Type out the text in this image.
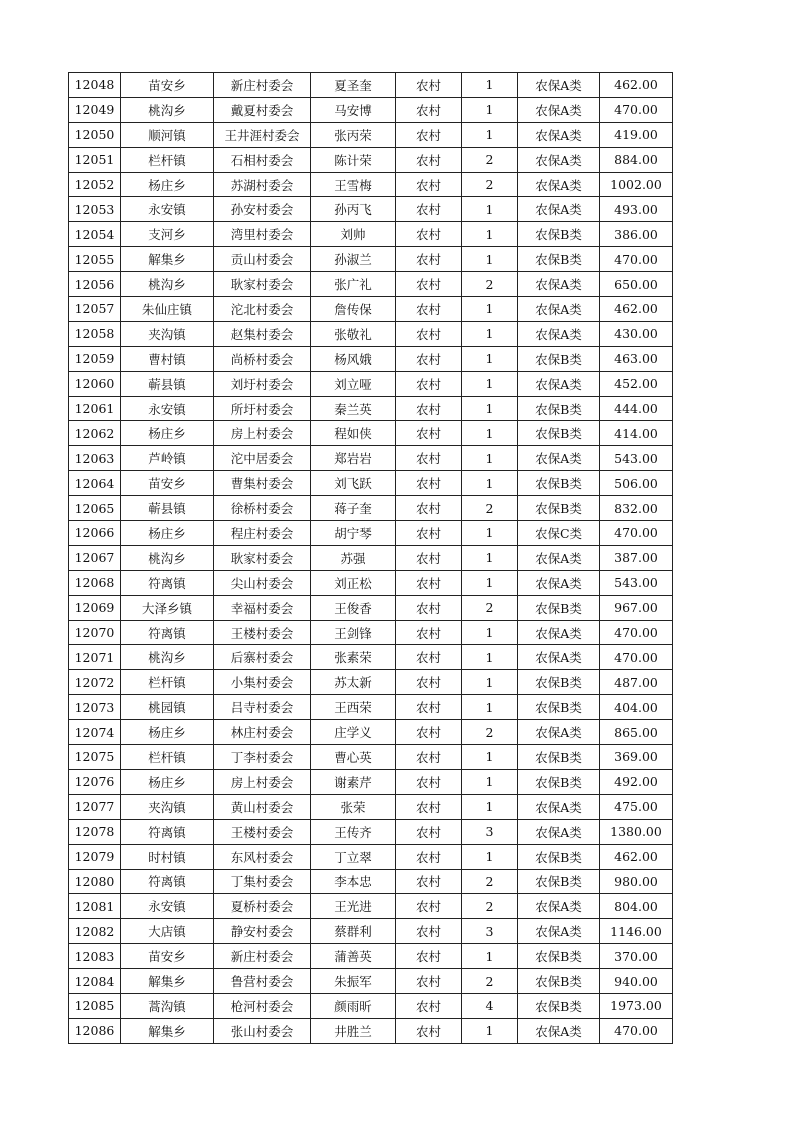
12048	苗安乡	新庄村委会	夏圣奎	农村	1	农保A类	462.00
12049	桃沟乡	戴夏村委会	马安博	农村	1	农保A类	470.00
12050	顺河镇	王井涯村委会	张丙荣	农村	1	农保A类	419.00
12051	栏杆镇	石相村委会	陈计荣	农村	2	农保A类	884.00
12052	杨庄乡	苏湖村委会	王雪梅	农村	2	农保A类	1002.00
12053	永安镇	孙安村委会	孙丙飞	农村	1	农保A类	493.00
12054	支河乡	湾里村委会	刘帅	农村	1	农保B类	386.00
12055	解集乡	贡山村委会	孙淑兰	农村	1	农保B类	470.00
12056	桃沟乡	耿家村委会	张广礼	农村	2	农保A类	650.00
12057	朱仙庄镇	沱北村委会	詹传保	农村	1	农保A类	462.00
12058	夹沟镇	赵集村委会	张敬礼	农村	1	农保A类	430.00
12059	曹村镇	尚桥村委会	杨风娥	农村	1	农保B类	463.00
12060	蕲县镇	刘圩村委会	刘立哑	农村	1	农保A类	452.00
12061	永安镇	所圩村委会	秦兰英	农村	1	农保B类	444.00
12062	杨庄乡	房上村委会	程如侠	农村	1	农保B类	414.00
12063	芦岭镇	沱中居委会	郑岩岩	农村	1	农保A类	543.00
12064	苗安乡	曹集村委会	刘飞跃	农村	1	农保B类	506.00
12065	蕲县镇	徐桥村委会	蒋子奎	农村	2	农保B类	832.00
12066	杨庄乡	程庄村委会	胡宁琴	农村	1	农保C类	470.00
12067	桃沟乡	耿家村委会	苏强	农村	1	农保A类	387.00
12068	符离镇	尖山村委会	刘正松	农村	1	农保A类	543.00
12069	大泽乡镇	幸福村委会	王俊香	农村	2	农保B类	967.00
12070	符离镇	王楼村委会	王剑锋	农村	1	农保A类	470.00
12071	桃沟乡	后寨村委会	张素荣	农村	1	农保A类	470.00
12072	栏杆镇	小集村委会	苏太新	农村	1	农保B类	487.00
12073	桃园镇	吕寺村委会	王西荣	农村	1	农保B类	404.00
12074	杨庄乡	林庄村委会	庄学义	农村	2	农保A类	865.00
12075	栏杆镇	丁李村委会	曹心英	农村	1	农保B类	369.00
12076	杨庄乡	房上村委会	谢素芹	农村	1	农保B类	492.00
12077	夹沟镇	黄山村委会	张荣	农村	1	农保A类	475.00
12078	符离镇	王楼村委会	王传齐	农村	3	农保A类	1380.00
12079	时村镇	东风村委会	丁立翠	农村	1	农保B类	462.00
12080	符离镇	丁集村委会	李本忠	农村	2	农保B类	980.00
12081	永安镇	夏桥村委会	王光进	农村	2	农保A类	804.00
12082	大店镇	静安村委会	蔡群利	农村	3	农保A类	1146.00
12083	苗安乡	新庄村委会	蒲善英	农村	1	农保B类	370.00
12084	解集乡	鲁营村委会	朱振军	农村	2	农保B类	940.00
12085	蒿沟镇	枪河村委会	颜雨昕	农村	4	农保B类	1973.00
12086	解集乡	张山村委会	井胜兰	农村	1	农保A类	470.00
